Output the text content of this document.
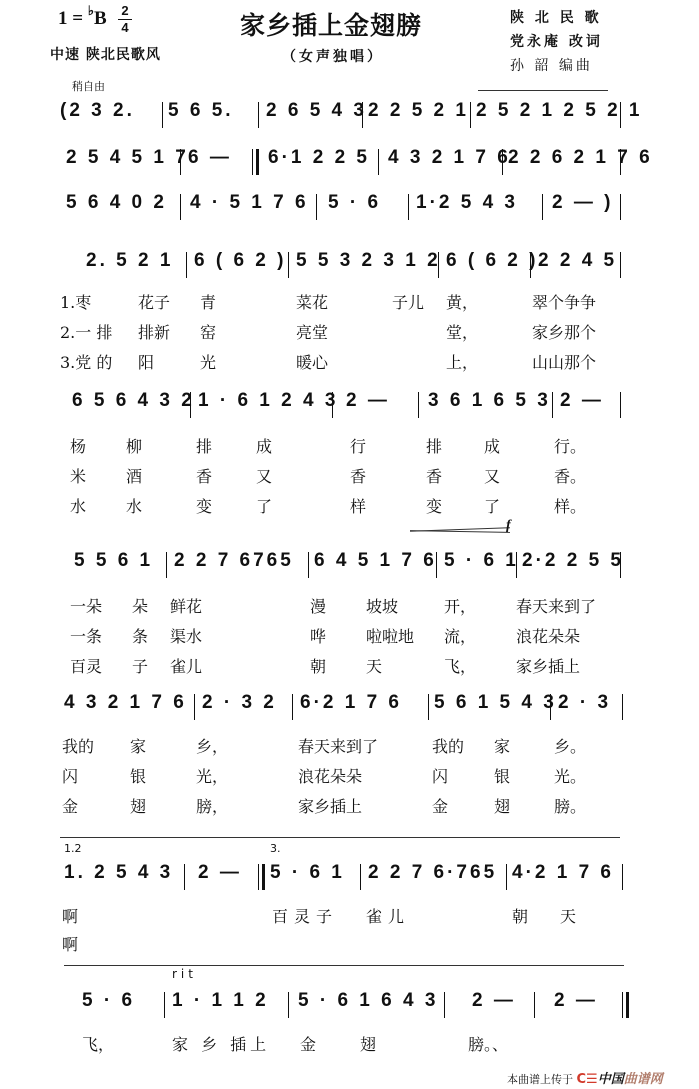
1 = ♭B 2
4
中速 陕北民歌风
家乡插上金翅膀
（女声独唱）
陕 北 民 歌
党永庵 改词
孙 韶 编曲
稍自由
(2 3 2. 5 6 5. 2 6 5 4 3 2 2 5 2 1 2 5 2 1 2 5 2 1
2 5 4 5 1 7 6 — 6·1 2 2 5 4 3 2 1 7 6
2 2 6 2 1 7 6
5 6 4 0 2 4 · 5 1 7 6 5 · 6 1·2 5 4 3 2 — )
2. 5 2 1 6 ( 6 2 ) 5 5 3 2 3 1 2 6 ( 6 2 ) 2 2 4 5
1.枣	花子 青	菜花	子儿 黄，	翠个争争
2.一 排 排新 窑	亮堂	堂，	家乡那个
3.党 的 阳	光	暖心	上，	山山那个
6 5 6 4 3 2 1 · 6 1 2 4 3 2 — 3 6 1 6 5 3 2 —
杨 柳	排	成	行	排	成	行。
米 酒	香	又	香	香	又	香。
水 水	变	了	样	变	了	样。
f
5 5 6 1 2 2 7 6765 6 4 5 1 7 6 5 · 6 1 2·2 2 5 5
一朵 朵 鲜花	漫 坡坡	开， 春天来到了
一条 条 渠水	哗 啦啦地 流， 浪花朵朵
百灵 子 雀儿	朝 天	飞， 家乡插上
4 3 2 1 7 6 2 · 3 2 6·2 1 7 6 5 6 1 5 4 3 2 · 3
我的 家	乡，	春天来到了	我的 家	乡。
闪	银	光，	浪花朵朵	闪	银	光。
金	翅	膀，	家乡插上	金	翅	膀。
1.2	3.
1. 2 5 4 3 2 — 5 · 6 1 2 2 7 6·765 4·2 1 7 6
啊	百灵子 雀儿	朝 天
啊
rit
5 · 6 1 · 1 1 2 5 · 6 1 6 4 3 2 — 2 —
飞，	家 乡 插上 金	翅	膀。、
本曲谱上传于 C☰中国曲谱网
